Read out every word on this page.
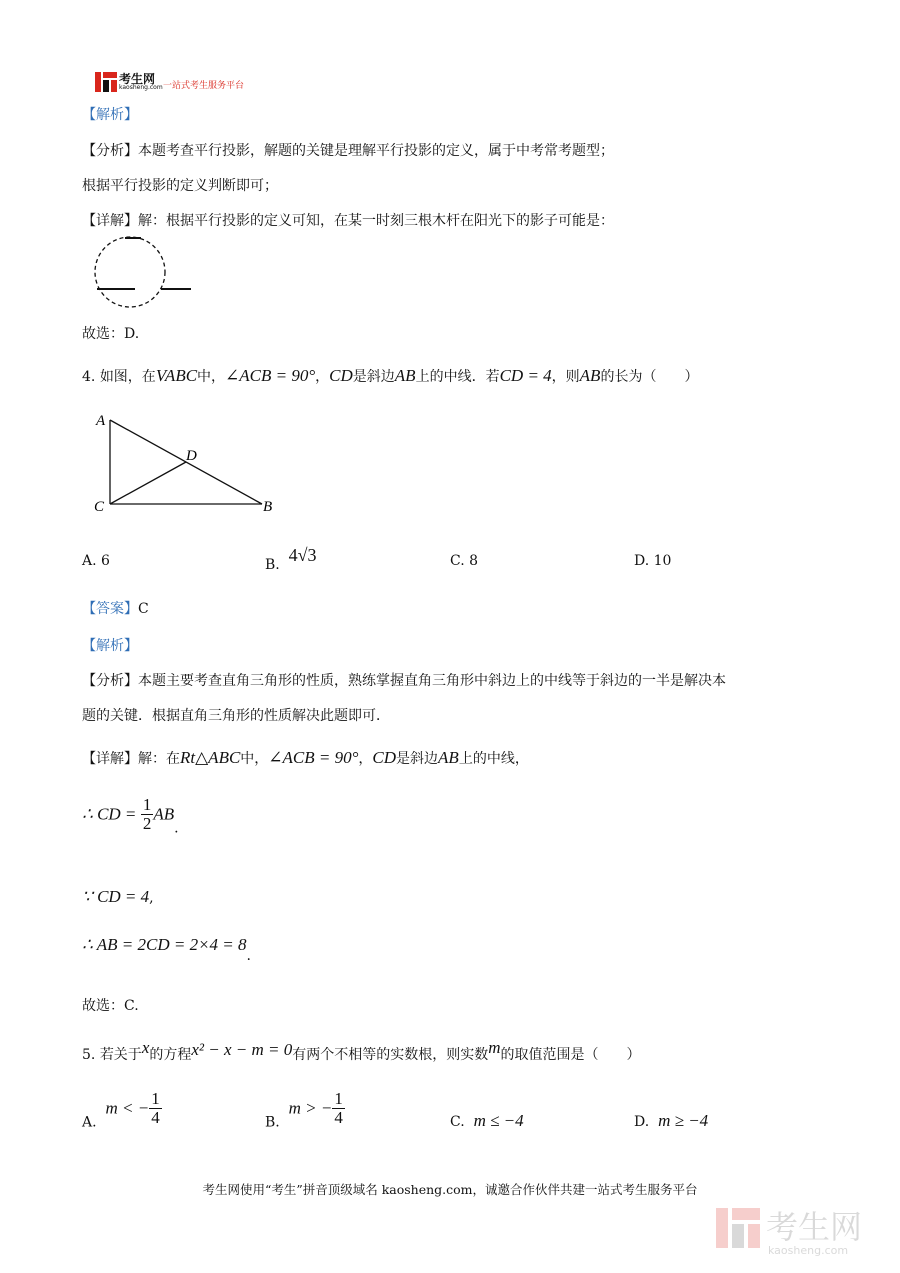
考生网
kaosheng.com 一站式考生服务平台
【解析】
【分析】本题考查平行投影，解题的关键是理解平行投影的定义，属于中考常考题型；
根据平行投影的定义判断即可；
【详解】解：根据平行投影的定义可知，在某一时刻三根木杆在阳光下的影子可能是：
故选：D.
4. 如图，在VABC中，∠ACB = 90°，CD是斜边AB上的中线．若CD = 4，则AB的长为（　　）
A
D
C	B
A. 6	B. 4√3	C. 8	D. 10
【答案】C
【解析】
【分析】本题主要考查直角三角形的性质，熟练掌握直角三角形中斜边上的中线等于斜边的一半是解决本
题的关键．根据直角三角形的性质解决此题即可．
【详解】解：在Rt△ABC中，∠ACB = 90°，CD是斜边AB上的中线，
∴ CD = $\frac{1}{2}$ AB.
∵ CD = 4,
∴ AB = 2CD = 2×4 = 8.
故选：C.
5. 若关于x的方程x² − x − m = 0有两个不相等的实数根，则实数m的取值范围是（　　）
A.  m < − $\frac{1}{4}$	B.  m > − $\frac{1}{4}$	C. m ≤ −4	D. m ≥ −4
考生网使用“考生”拼音顶级域名 kaosheng.com，诚邀合作伙伴共建一站式考生服务平台
考生网
kaosheng.com
